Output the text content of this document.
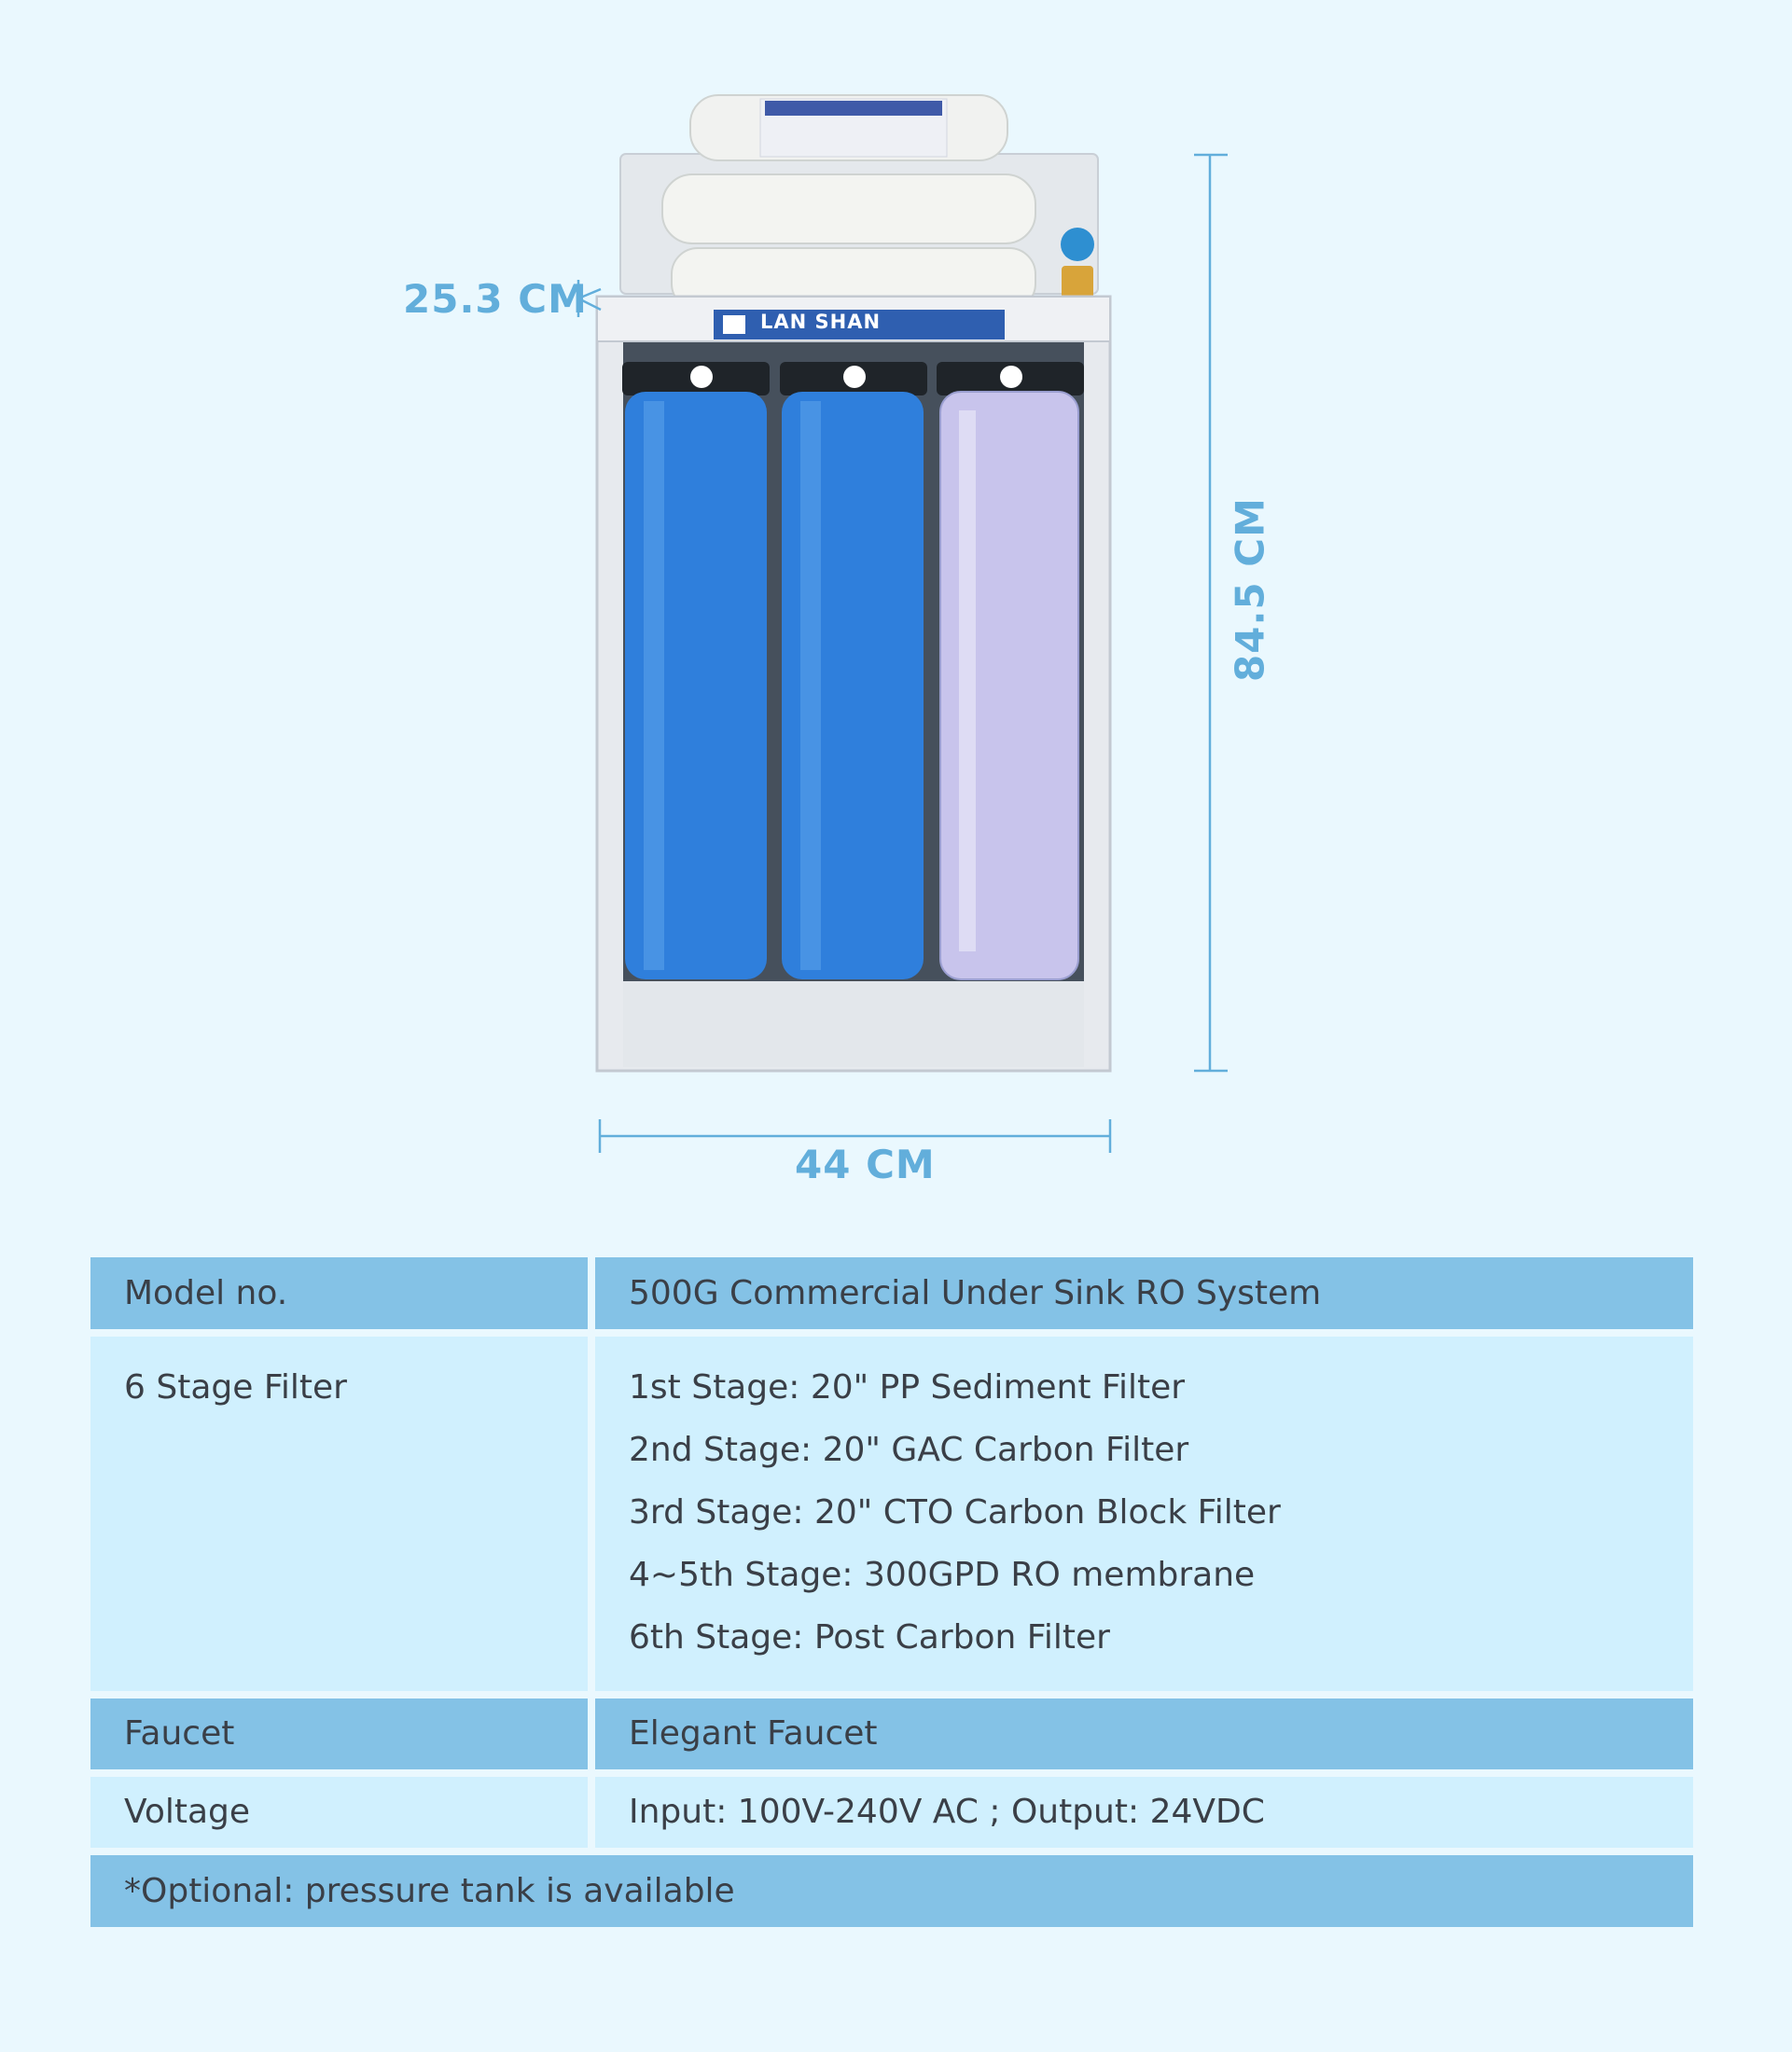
LAN SHAN
25.3 CM
84.5 CM
44 CM
Model no.	500G Commercial Under Sink RO System
6 Stage Filter	1st Stage: 20" PP Sediment Filter
2nd Stage: 20" GAC Carbon Filter
3rd Stage: 20" CTO Carbon Block Filter
4~5th Stage: 300GPD RO membrane
6th Stage: Post Carbon Filter
Faucet	Elegant Faucet
Voltage	Input: 100V-240V AC ; Output: 24VDC
*Optional: pressure tank is available
